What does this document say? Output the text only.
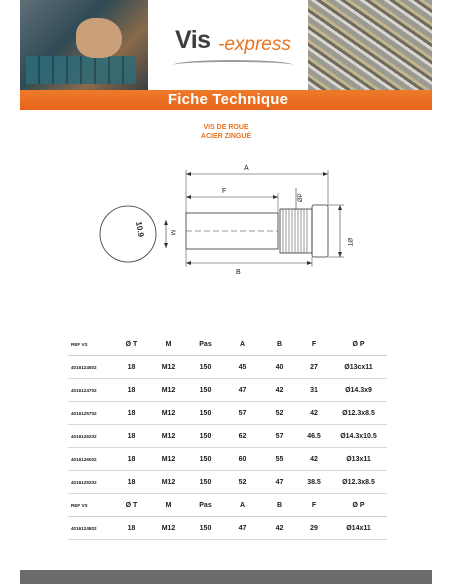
Vis -express
Fiche Technique
VIS DE ROUE
ACIER ZINGUÉ
A
F
B
ØP
ØT
M
10.9
REF VS	Ø T	M	Pas	A	B	F	Ø P
4016124502	18	M12	150	45	40	27	Ø13cx11
4016124702	18	M12	150	47	42	31	Ø14.3x9
4016125702	18	M12	150	57	52	42	Ø12.3x8.5
4016126202	18	M12	150	62	57	46.5	Ø14.3x10.5
4016126002	18	M12	150	60	55	42	Ø13x11
4016125202	18	M12	150	52	47	38.5	Ø12.3x8.5
REF VS	Ø T	M	Pas	A	B	F	Ø P
4016124802	18	M12	150	47	42	29	Ø14x11
